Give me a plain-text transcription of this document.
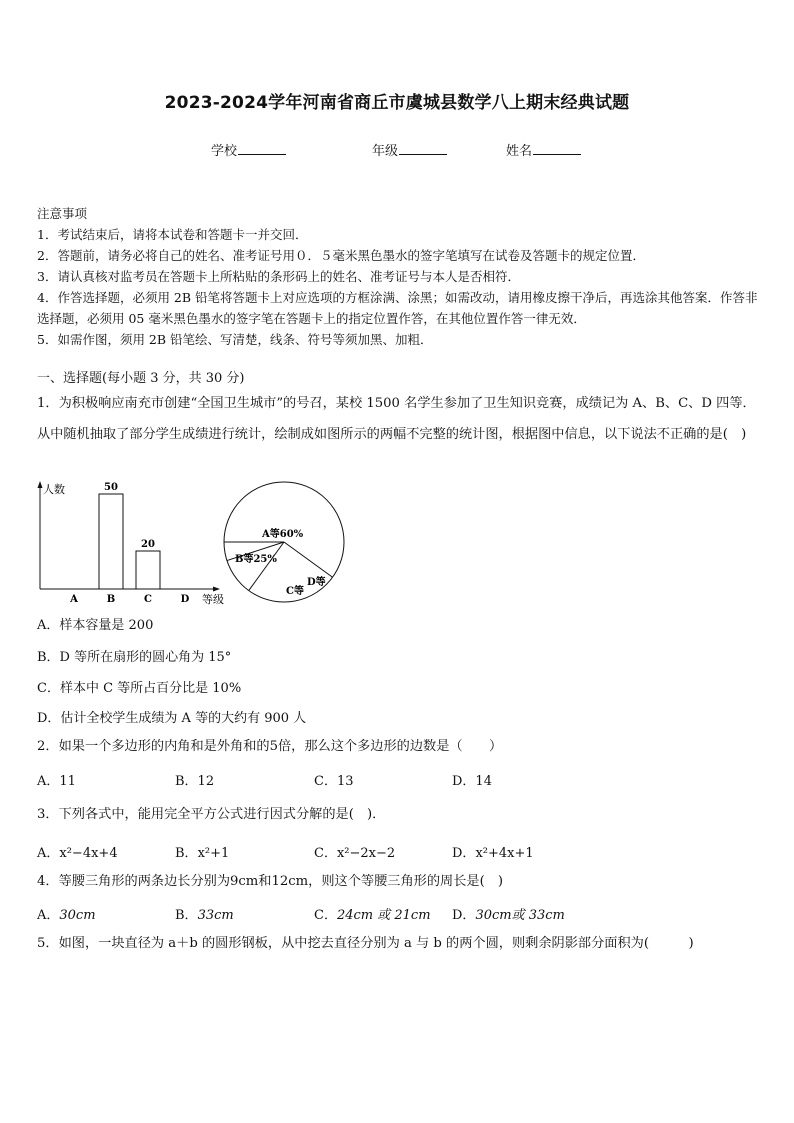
2023-2024学年河南省商丘市虞城县数学八上期末经典试题
学校	年级	姓名
注意事项
1．考试结束后，请将本试卷和答题卡一并交回．
2．答题前，请务必将自己的姓名、准考证号用０．５毫米黑色墨水的签字笔填写在试卷及答题卡的规定位置．
3．请认真核对监考员在答题卡上所粘贴的条形码上的姓名、准考证号与本人是否相符．
4．作答选择题，必须用 2B 铅笔将答题卡上对应选项的方框涂满、涂黑；如需改动，请用橡皮擦干净后，再选涂其他答案．作答非选择题，必须用 05 毫米黑色墨水的签字笔在答题卡上的指定位置作答，在其他位置作答一律无效．
5．如需作图，须用 2B 铅笔绘、写清楚，线条、符号等须加黑、加粗．
一、选择题(每小题 3 分，共 30 分)
1．为积极响应南充市创建“全国卫生城市”的号召，某校 1500 名学生参加了卫生知识竞赛，成绩记为 A、B、C、D 四等．从中随机抽取了部分学生成绩进行统计，绘制成如图所示的两幅不完整的统计图，根据图中信息，以下说法不正确的是(　)
人数
等级
A	B
50
C
20
D
A等60%
B等25%
C等
D等
A．样本容量是 200
B．D 等所在扇形的圆心角为 15°
C．样本中 C 等所占百分比是 10%
D．估计全校学生成绩为 A 等的大约有 900 人
2．如果一个多边形的内角和是外角和的5倍，那么这个多边形的边数是（　　）
A．11	B．12	C．13	D．14
3．下列各式中，能用完全平方公式进行因式分解的是(　)．
A．x²−4x+4	B．x²+1	C．x²−2x−2	D．x²+4x+1
4．等腰三角形的两条边长分别为9cm和12cm，则这个等腰三角形的周长是(　)
A．30cm	B．33cm	C．24cm 或 21cm D．30cm或 33cm
5．如图，一块直径为 a＋b 的圆形钢板，从中挖去直径分别为 a 与 b 的两个圆，则剩余阴影部分面积为(　　　)
